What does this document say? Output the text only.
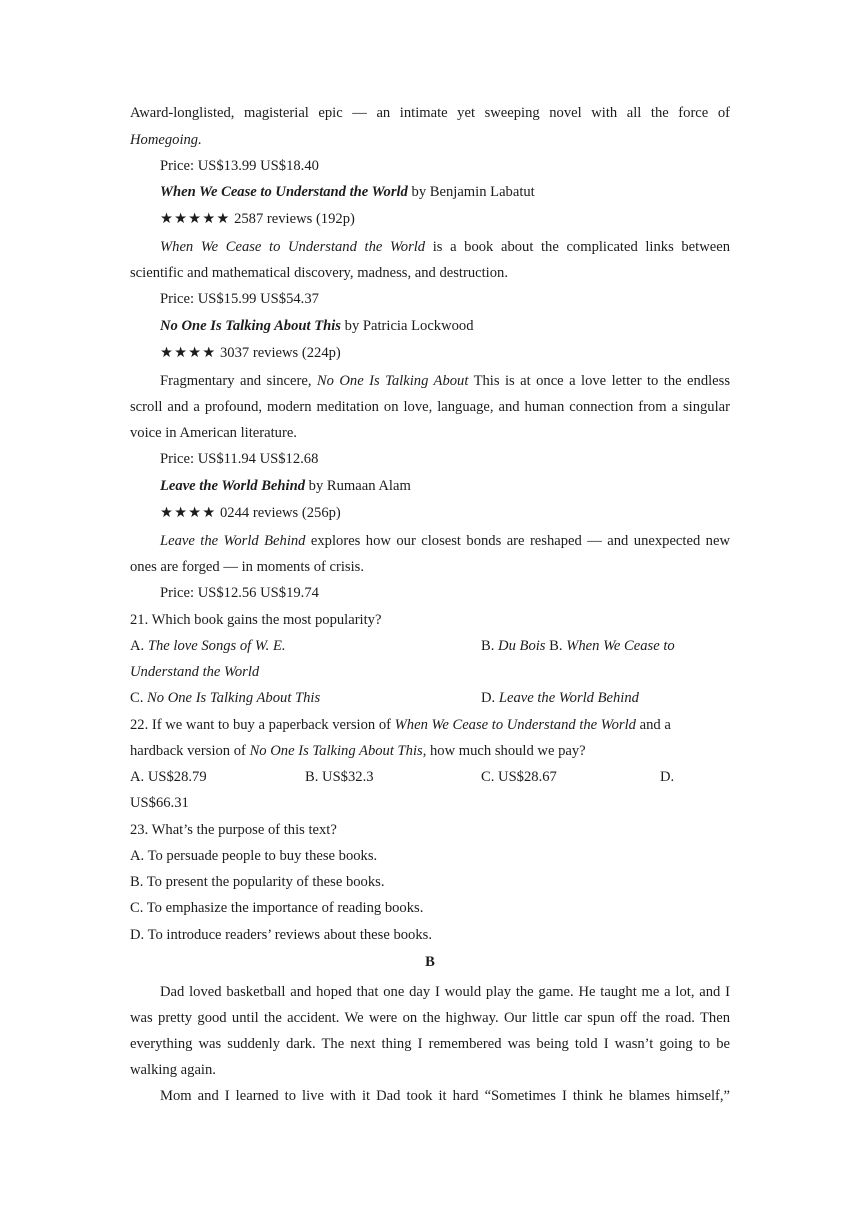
Award-longlisted, magisterial epic — an intimate yet sweeping novel with all the force of
Homegoing.
Price: US$13.99 US$18.40
When We Cease to Understand the World by Benjamin Labatut
★★★★★ 2587 reviews (192p)
When We Cease to Understand the World is a book about the complicated links between
scientific and mathematical discovery, madness, and destruction.
Price: US$15.99 US$54.37
No One Is Talking About This by Patricia Lockwood
★★★★ 3037 reviews (224p)
Fragmentary and sincere, No One Is Talking About This is at once a love letter to the endless
scroll and a profound, modern meditation on love, language, and human connection from a singular
voice in American literature.
Price: US$11.94 US$12.68
Leave the World Behind by Rumaan Alam
★★★★ 0244 reviews (256p)
Leave the World Behind explores how our closest bonds are reshaped — and unexpected new
ones are forged — in moments of crisis.
Price: US$12.56 US$19.74
21. Which book gains the most popularity?
A. The love Songs of W. E.	B. Du Bois B. When We Cease to
Understand the World
C. No One Is Talking About This	D. Leave the World Behind
22. If we want to buy a paperback version of When We Cease to Understand the World and a
hardback version of No One Is Talking About This, how much should we pay?
A. US$28.79	B. US$32.3	C. US$28.67	D.
US$66.31
23. What’s the purpose of this text?
A. To persuade people to buy these books.
B. To present the popularity of these books.
C. To emphasize the importance of reading books.
D. To introduce readers’ reviews about these books.
B
Dad loved basketball and hoped that one day I would play the game. He taught me a lot, and I
was pretty good until the accident. We were on the highway. Our little car spun off the road. Then
everything was suddenly dark. The next thing I remembered was being told I wasn’t going to be
walking again.
Mom and I learned to live with it Dad took it hard “Sometimes I think he blames himself,”
